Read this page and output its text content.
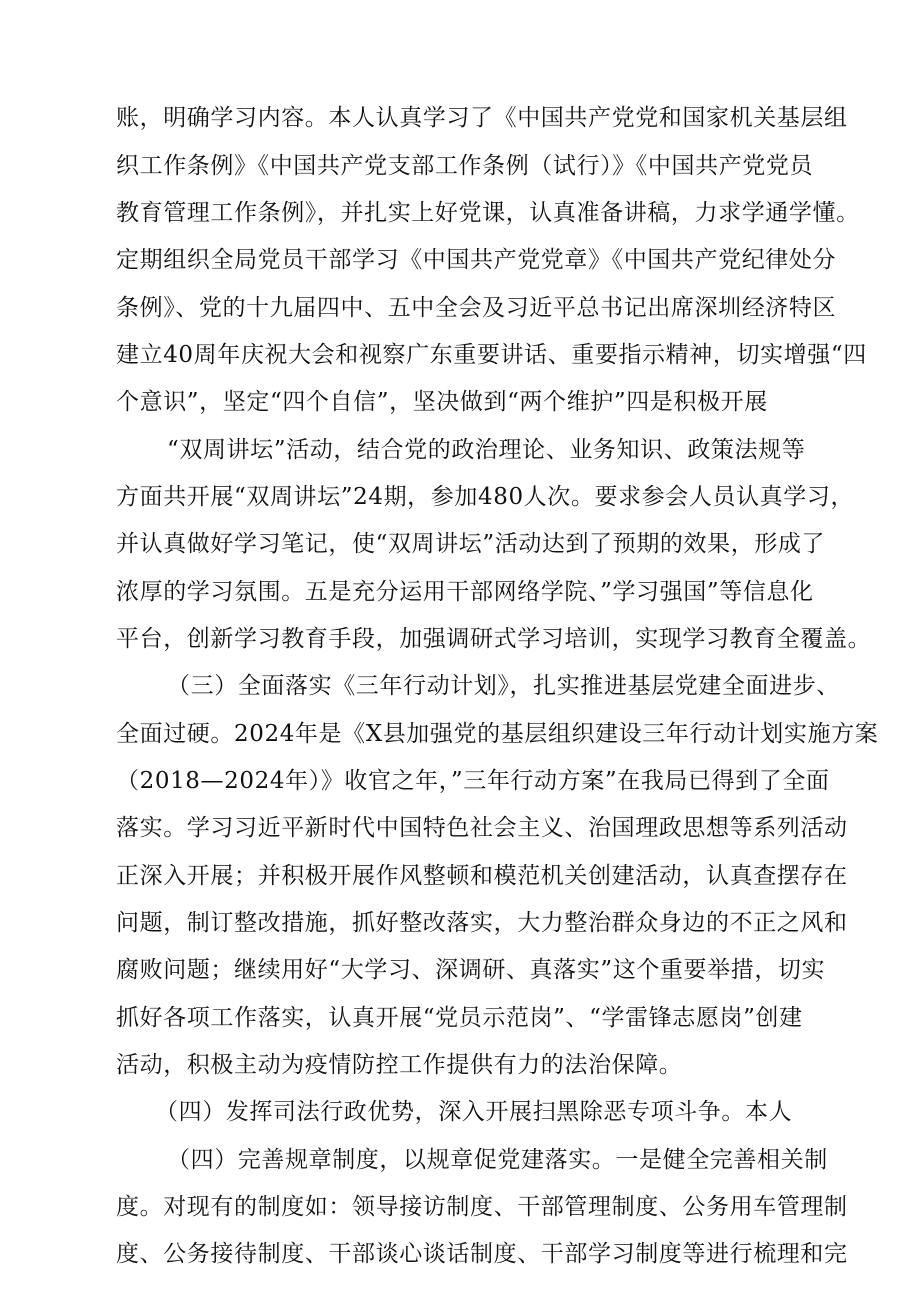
账，明确学习内容。本人认真学习了《中国共产党党和国家机关基层组
织工作条例》《中国共产党支部工作条例（试行）》《中国共产党党员
教育管理工作条例》，并扎实上好党课，认真准备讲稿，力求学通学懂。
定期组织全局党员干部学习《中国共产党党章》《中国共产党纪律处分
条例》、党的十九届四中、五中全会及习近平总书记出席深圳经济特区
建立40周年庆祝大会和视察广东重要讲话、重要指示精神，切实增强“四
个意识”，坚定“四个自信”，坚决做到“两个维护”四是积极开展
“双周讲坛”活动，结合党的政治理论、业务知识、政策法规等
方面共开展“双周讲坛”24期，参加480人次。要求参会人员认真学习，
并认真做好学习笔记，使“双周讲坛”活动达到了预期的效果，形成了
浓厚的学习氛围。五是充分运用干部网络学院、”学习强国”等信息化
平台，创新学习教育手段，加强调研式学习培训，实现学习教育全覆盖。
（三）全面落实《三年行动计划》，扎实推进基层党建全面进步、
全面过硬。2024年是《X县加强党的基层组织建设三年行动计划实施方案
（2018—2024年）》收官之年，”三年行动方案”在我局已得到了全面
落实。学习习近平新时代中国特色社会主义、治国理政思想等系列活动
正深入开展；并积极开展作风整顿和模范机关创建活动，认真查摆存在
问题，制订整改措施，抓好整改落实，大力整治群众身边的不正之风和
腐败问题；继续用好“大学习、深调研、真落实”这个重要举措，切实
抓好各项工作落实，认真开展“党员示范岗”、“学雷锋志愿岗”创建
活动，积极主动为疫情防控工作提供有力的法治保障。
（四）发挥司法行政优势，深入开展扫黑除恶专项斗争。本人
（四）完善规章制度，以规章促党建落实。一是健全完善相关制
度。对现有的制度如：领导接访制度、干部管理制度、公务用车管理制
度、公务接待制度、干部谈心谈话制度、干部学习制度等进行梳理和完
